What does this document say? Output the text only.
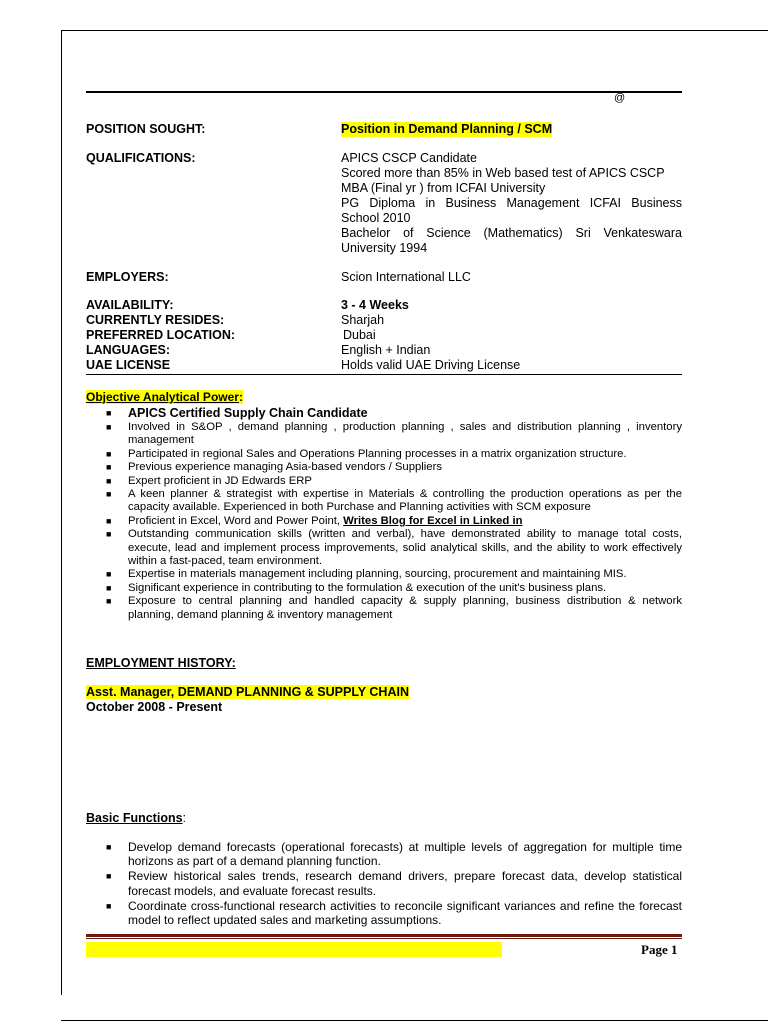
@
POSITION SOUGHT:	Position in Demand Planning / SCM
QUALIFICATIONS:	APICS CSCP Candidate
Scored more than 85% in Web based test of APICS CSCP
MBA (Final yr ) from ICFAI University
PG Diploma in Business Management ICFAI Business School 2010
Bachelor of Science (Mathematics) Sri Venkateswara University 1994
EMPLOYERS:	Scion International LLC
AVAILABILITY:	3 - 4 Weeks
CURRENTLY RESIDES:	Sharjah
PREFERRED LOCATION:	Dubai
LANGUAGES:	English + Indian
UAE LICENSE	Holds valid UAE Driving License
Objective Analytical Power:
■ APICS Certified Supply Chain Candidate
■ Involved in S&OP , demand planning , production planning , sales and distribution planning , inventory management
■ Participated in regional Sales and Operations Planning processes in a matrix organization structure.
■ Previous experience managing Asia-based vendors / Suppliers
■ Expert proficient in JD Edwards ERP
■ A keen planner & strategist with expertise in Materials & controlling the production operations as per the capacity available. Experienced in both Purchase and Planning activities with SCM exposure
■ Proficient in Excel, Word and Power Point, Writes Blog for Excel in Linked in
■ Outstanding communication skills (written and verbal), have demonstrated ability to manage total costs, execute, lead and implement process improvements, solid analytical skills, and the ability to work effectively within a fast-paced, team environment.
■ Expertise in materials management including planning, sourcing, procurement and maintaining MIS.
■ Significant experience in contributing to the formulation & execution of the unit's business plans.
■ Exposure to central planning and handled capacity & supply planning, business distribution & network planning, demand planning & inventory management
EMPLOYMENT HISTORY:
Asst. Manager, DEMAND PLANNING & SUPPLY CHAIN
October 2008 - Present
Basic Functions:
■ Develop demand forecasts (operational forecasts) at multiple levels of aggregation for multiple time horizons as part of a demand planning function.
■ Review historical sales trends, research demand drivers, prepare forecast data, develop statistical forecast models, and evaluate forecast results.
■ Coordinate cross-functional research activities to reconcile significant variances and refine the forecast model to reflect updated sales and marketing assumptions.
Page 1
